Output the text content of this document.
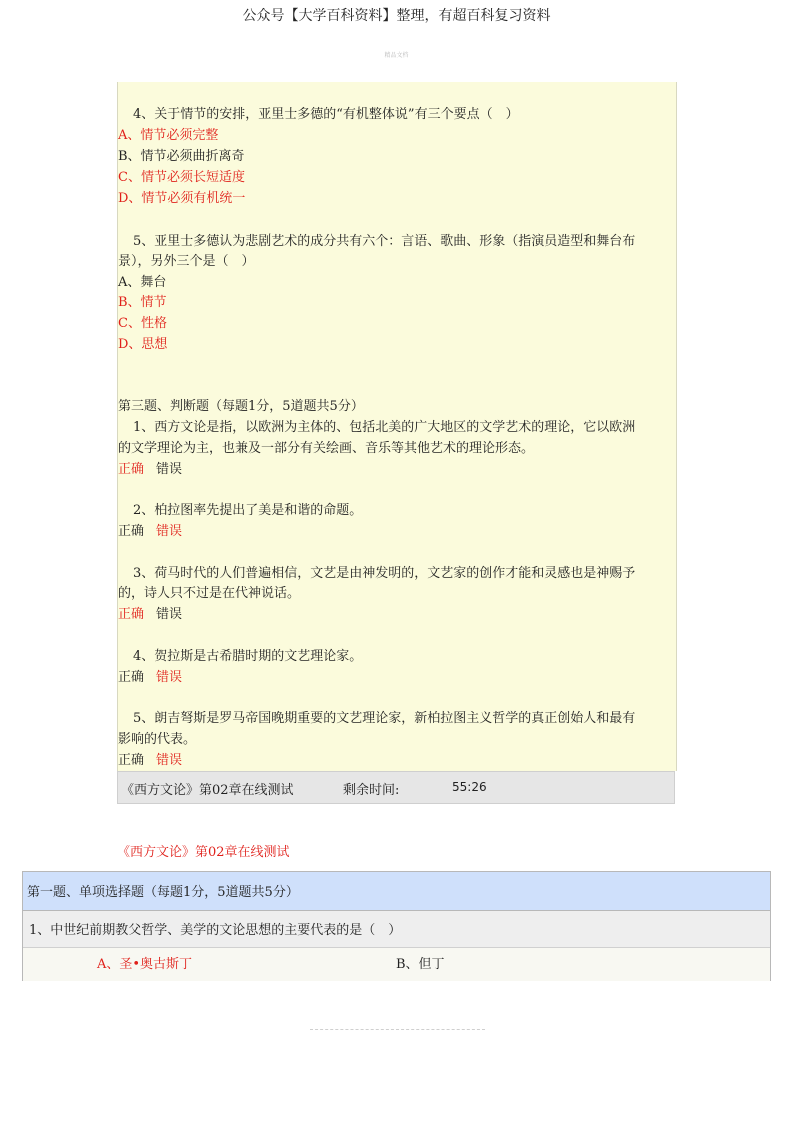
公众号【大学百科资料】整理，有超百科复习资料
精品文档
4、关于情节的安排，亚里士多德的“有机整体说”有三个要点（　）
A、情节必须完整
B、情节必须曲折离奇
C、情节必须长短适度
D、情节必须有机统一
5、亚里士多德认为悲剧艺术的成分共有六个：言语、歌曲、形象（指演员造型和舞台布
景），另外三个是（　）
A、舞台
B、情节
C、性格
D、思想
第三题、判断题（每题1分，5道题共5分）
1、西方文论是指，以欧洲为主体的、包括北美的广大地区的文学艺术的理论，它以欧洲
的文学理论为主，也兼及一部分有关绘画、音乐等其他艺术的理论形态。
正确 错误
2、柏拉图率先提出了美是和谐的命题。
正确 错误
3、荷马时代的人们普遍相信，文艺是由神发明的，文艺家的创作才能和灵感也是神赐予
的，诗人只不过是在代神说话。
正确 错误
4、贺拉斯是古希腊时期的文艺理论家。
正确 错误
5、朗吉弩斯是罗马帝国晚期重要的文艺理论家，新柏拉图主义哲学的真正创始人和最有
影响的代表。
正确 错误
《西方文论》第02章在线测试	剩余时间:	55:26
《西方文论》第02章在线测试
第一题、单项选择题（每题1分，5道题共5分）
1、中世纪前期教父哲学、美学的文论思想的主要代表的是（　）
A、圣•奥古斯丁	B、但丁
